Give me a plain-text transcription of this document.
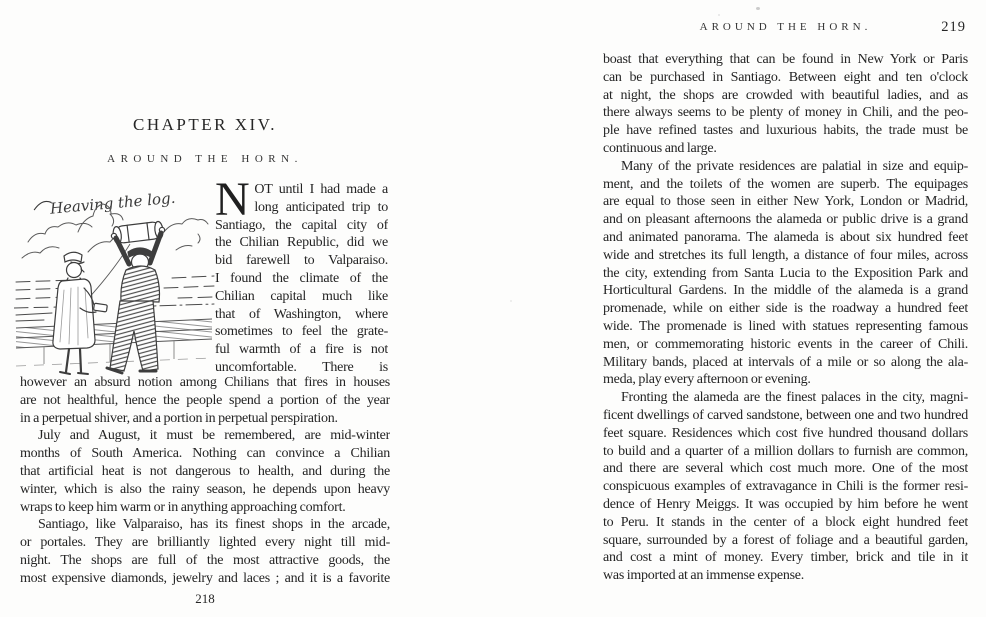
CHAPTER XIV.
AROUND THE HORN.
Heaving the log. N OT until I had made a
long anticipated trip to
Santiago, the capital city of
the Chilian Republic, did we
bid farewell to Valparaiso.
I found the climate of the
Chilian capital much like
that of Washington, where
sometimes to feel the grate-
ful warmth of a fire is not
uncomfortable. There is
however an absurd notion among Chilians that fires in houses
are not healthful, hence the people spend a portion of the year
in a perpetual shiver, and a portion in perpetual perspiration.
July and August, it must be remembered, are mid-winter
months of South America. Nothing can convince a Chilian
that artificial heat is not dangerous to health, and during the
winter, which is also the rainy season, he depends upon heavy
wraps to keep him warm or in anything approaching comfort.
Santiago, like Valparaiso, has its finest shops in the arcade,
or portales. They are brilliantly lighted every night till mid-
night. The shops are full of the most attractive goods, the
most expensive diamonds, jewelry and laces ; and it is a favorite
218
AROUND THE HORN.	219
boast that everything that can be found in New York or Paris
can be purchased in Santiago. Between eight and ten o'clock
at night, the shops are crowded with beautiful ladies, and as
there always seems to be plenty of money in Chili, and the peo-
ple have refined tastes and luxurious habits, the trade must be
continuous and large.
Many of the private residences are palatial in size and equip-
ment, and the toilets of the women are superb. The equipages
are equal to those seen in either New York, London or Madrid,
and on pleasant afternoons the alameda or public drive is a grand
and animated panorama. The alameda is about six hundred feet
wide and stretches its full length, a distance of four miles, across
the city, extending from Santa Lucia to the Exposition Park and
Horticultural Gardens. In the middle of the alameda is a grand
promenade, while on either side is the roadway a hundred feet
wide. The promenade is lined with statues representing famous
men, or commemorating historic events in the career of Chili.
Military bands, placed at intervals of a mile or so along the ala-
meda, play every afternoon or evening.
Fronting the alameda are the finest palaces in the city, magni-
ficent dwellings of carved sandstone, between one and two hundred
feet square. Residences which cost five hundred thousand dollars
to build and a quarter of a million dollars to furnish are common,
and there are several which cost much more. One of the most
conspicuous examples of extravagance in Chili is the former resi-
dence of Henry Meiggs. It was occupied by him before he went
to Peru. It stands in the center of a block eight hundred feet
square, surrounded by a forest of foliage and a beautiful garden,
and cost a mint of money. Every timber, brick and tile in it
was imported at an immense expense.
